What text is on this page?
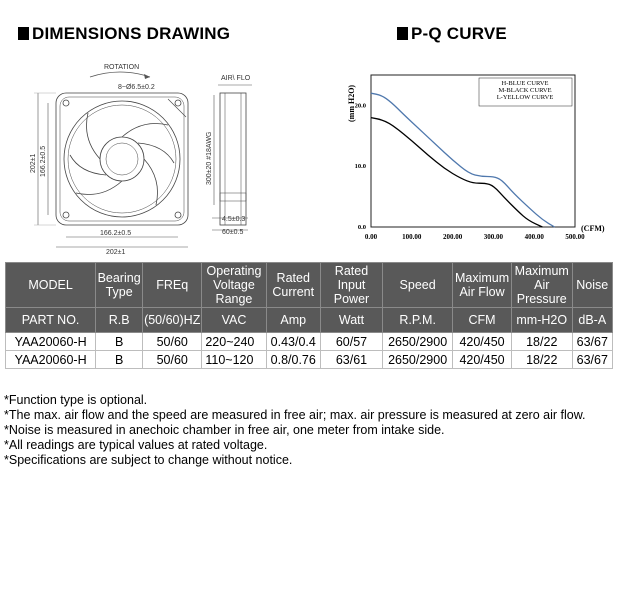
DIMENSIONS DRAWING	P-Q CURVE
ROTATION
8~Ø6.5±0.2
202±1 166.2±0.5
166.2±0.5
202±1
AIR\ FLO
300±20 #18AWG
4.5±0.3
60±0.5
(mm H2O)
H-BLUE CURVE
M-BLACK CURVE
L-YELLOW CURVE
0.0
10.0
20.0
0.00	100.00	200.00	300.00	400.00	500.00
(CFM)
MODEL	Bearing Type	FREq	Operating Voltage Range	Rated Current	Rated Input Power	Speed	Maximum Air Flow	Maximum Air Pressure	Noise
PART NO.	R.B	(50/60)HZ	VAC	Amp	Watt	R.P.M.	CFM	mm-H2O	dB-A
YAA20060-H	B	50/60	220~240	0.43/0.4	60/57	2650/2900	420/450	18/22	63/67
YAA20060-H	B	50/60	110~120	0.8/0.76	63/61	2650/2900	420/450	18/22	63/67
*Function type is optional.
*The max. air flow and the speed are measured in free air; max. air pressure is measured at zero air flow.
*Noise is measured in anechoic chamber in free air, one meter from intake side.
*All readings are typical values at rated voltage.
*Specifications are subject to change without notice.
